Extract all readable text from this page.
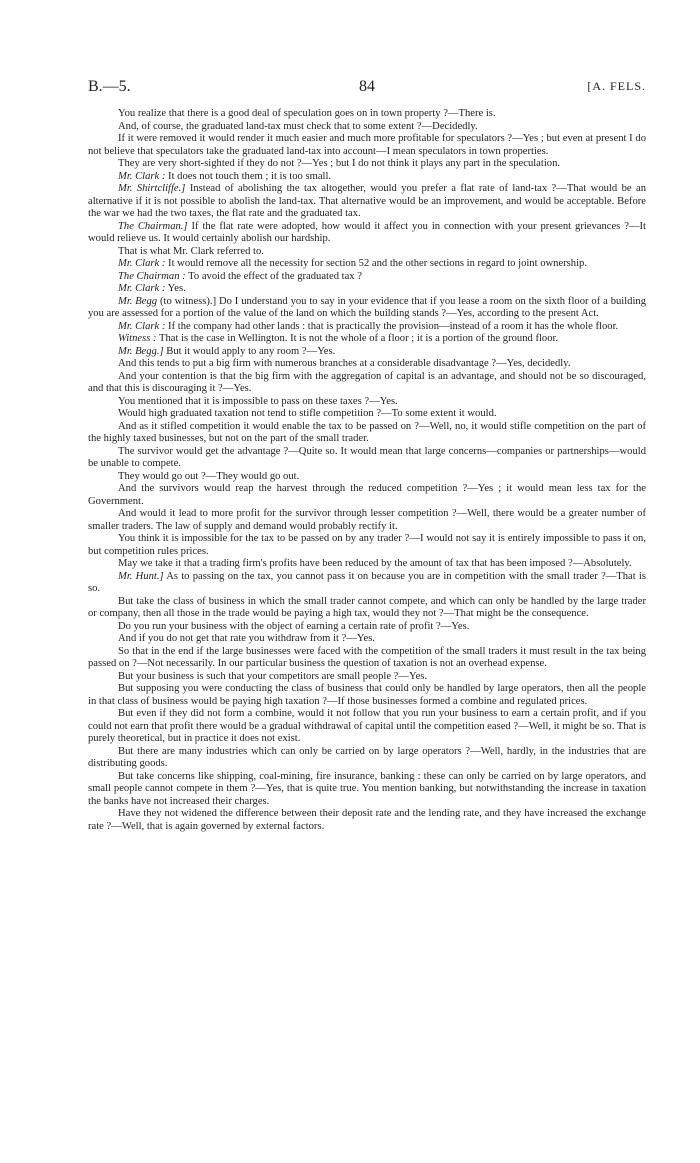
B.—5.	84	[A. FELS.

You realize that there is a good deal of speculation goes on in town property ?—There is.

And, of course, the graduated land-tax must check that to some extent ?—Decidedly.

If it were removed it would render it much easier and much more profitable for speculators ?—Yes ; but even at present I do not believe that speculators take the graduated land-tax into account—I mean speculators in town properties.

They are very short-sighted if they do not ?—Yes ; but I do not think it plays any part in the speculation.

Mr. Clark : It does not touch them ; it is too small.

Mr. Shirtcliffe.] Instead of abolishing the tax altogether, would you prefer a flat rate of land-tax ?—That would be an alternative if it is not possible to abolish the land-tax. That alternative would be an improvement, and would be acceptable. Before the war we had the two taxes, the flat rate and the graduated tax.

The Chairman.] If the flat rate were adopted, how would it affect you in connection with your present grievances ?—It would relieve us. It would certainly abolish our hardship.

That is what Mr. Clark referred to.

Mr. Clark : It would remove all the necessity for section 52 and the other sections in regard to joint ownership.

The Chairman : To avoid the effect of the graduated tax ?

Mr. Clark : Yes.

Mr. Begg (to witness).] Do I understand you to say in your evidence that if you lease a room on the sixth floor of a building you are assessed for a portion of the value of the land on which the building stands ?—Yes, according to the present Act.

Mr. Clark : If the company had other lands : that is practically the provision—instead of a room it has the whole floor.

Witness : That is the case in Wellington. It is not the whole of a floor ; it is a portion of the ground floor.

Mr. Begg.] But it would apply to any room ?—Yes.

And this tends to put a big firm with numerous branches at a considerable disadvantage ?—Yes, decidedly.

And your contention is that the big firm with the aggregation of capital is an advantage, and should not be so discouraged, and that this is discouraging it ?—Yes.

You mentioned that it is impossible to pass on these taxes ?—Yes.

Would high graduated taxation not tend to stifle competition ?—To some extent it would.

And as it stifled competition it would enable the tax to be passed on ?—Well, no, it would stifle competition on the part of the highly taxed businesses, but not on the part of the small trader.

The survivor would get the advantage ?—Quite so. It would mean that large concerns—companies or partnerships—would be unable to compete.

They would go out ?—They would go out.

And the survivors would reap the harvest through the reduced competition ?—Yes ; it would mean less tax for the Government.

And would it lead to more profit for the survivor through lesser competition ?—Well, there would be a greater number of smaller traders. The law of supply and demand would probably rectify it.

You think it is impossible for the tax to be passed on by any trader ?—I would not say it is entirely impossible to pass it on, but competition rules prices.

May we take it that a trading firm's profits have been reduced by the amount of tax that has been imposed ?—Absolutely.

Mr. Hunt.] As to passing on the tax, you cannot pass it on because you are in competition with the small trader ?—That is so.

But take the class of business in which the small trader cannot compete, and which can only be handled by the large trader or company, then all those in the trade would be paying a high tax, would they not ?—That might be the consequence.

Do you run your business with the object of earning a certain rate of profit ?—Yes.

And if you do not get that rate you withdraw from it ?—Yes.

So that in the end if the large businesses were faced with the competition of the small traders it must result in the tax being passed on ?—Not necessarily. In our particular business the question of taxation is not an overhead expense.

But your business is such that your competitors are small people ?—Yes.

But supposing you were conducting the class of business that could only be handled by large operators, then all the people in that class of business would be paying high taxation ?—If those businesses formed a combine and regulated prices.

But even if they did not form a combine, would it not follow that you run your business to earn a certain profit, and if you could not earn that profit there would be a gradual withdrawal of capital until the competition eased ?—Well, it might be so. That is purely theoretical, but in practice it does not exist.

But there are many industries which can only be carried on by large operators ?—Well, hardly, in the industries that are distributing goods.

But take concerns like shipping, coal-mining, fire insurance, banking : these can only be carried on by large operators, and small people cannot compete in them ?—Yes, that is quite true. You mention banking, but notwithstanding the increase in taxation the banks have not increased their charges.

Have they not widened the difference between their deposit rate and the lending rate, and they have increased the exchange rate ?—Well, that is again governed by external factors.
